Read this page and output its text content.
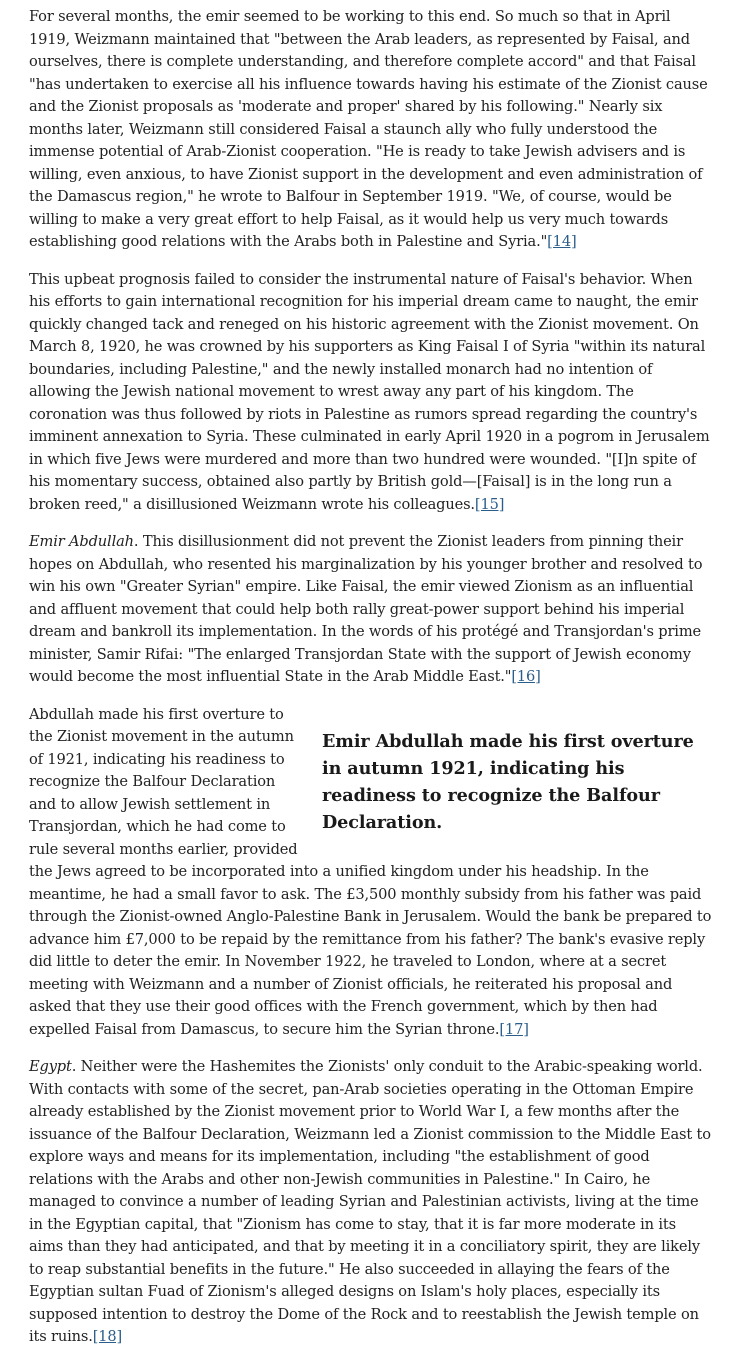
For several months, the emir seemed to be working to this end. So much so that in April 1919, Weizmann maintained that "between the Arab leaders, as represented by Faisal, and ourselves, there is complete understanding, and therefore complete accord" and that Faisal "has undertaken to exercise all his influence towards having his estimate of the Zionist cause and the Zionist proposals as 'moderate and proper' shared by his following." Nearly six months later, Weizmann still considered Faisal a staunch ally who fully understood the immense potential of Arab-Zionist cooperation. "He is ready to take Jewish advisers and is willing, even anxious, to have Zionist support in the development and even administration of the Damascus region," he wrote to Balfour in September 1919. "We, of course, would be willing to make a very great effort to help Faisal, as it would help us very much towards establishing good relations with the Arabs both in Palestine and Syria."[14]

This upbeat prognosis failed to consider the instrumental nature of Faisal's behavior. When his efforts to gain international recognition for his imperial dream came to naught, the emir quickly changed tack and reneged on his historic agreement with the Zionist movement. On March 8, 1920, he was crowned by his supporters as King Faisal I of Syria "within its natural boundaries, including Palestine," and the newly installed monarch had no intention of allowing the Jewish national movement to wrest away any part of his kingdom. The coronation was thus followed by riots in Palestine as rumors spread regarding the country's imminent annexation to Syria. These culminated in early April 1920 in a pogrom in Jerusalem in which five Jews were murdered and more than two hundred were wounded. "[I]n spite of his momentary success, obtained also partly by British gold—[Faisal] is in the long run a broken reed," a disillusioned Weizmann wrote his colleagues.[15]

Emir Abdullah. This disillusionment did not prevent the Zionist leaders from pinning their hopes on Abdullah, who resented his marginalization by his younger brother and resolved to win his own "Greater Syrian" empire. Like Faisal, the emir viewed Zionism as an influential and affluent movement that could help both rally great-power support behind his imperial dream and bankroll its implementation. In the words of his protégé and Transjordan's prime minister, Samir Rifai: "The enlarged Transjordan State with the support of Jewish economy would become the most influential State in the Arab Middle East."[16]

Emir Abdullah made his first overture in autumn 1921, indicating his readiness to recognize the Balfour Declaration.

Abdullah made his first overture to the Zionist movement in the autumn of 1921, indicating his readiness to recognize the Balfour Declaration and to allow Jewish settlement in Transjordan, which he had come to rule several months earlier, provided the Jews agreed to be incorporated into a unified kingdom under his headship. In the meantime, he had a small favor to ask. The £3,500 monthly subsidy from his father was paid through the Zionist-owned Anglo-Palestine Bank in Jerusalem. Would the bank be prepared to advance him £7,000 to be repaid by the remittance from his father? The bank's evasive reply did little to deter the emir. In November 1922, he traveled to London, where at a secret meeting with Weizmann and a number of Zionist officials, he reiterated his proposal and asked that they use their good offices with the French government, which by then had expelled Faisal from Damascus, to secure him the Syrian throne.[17]

Egypt. Neither were the Hashemites the Zionists' only conduit to the Arabic-speaking world. With contacts with some of the secret, pan-Arab societies operating in the Ottoman Empire already established by the Zionist movement prior to World War I, a few months after the issuance of the Balfour Declaration, Weizmann led a Zionist commission to the Middle East to explore ways and means for its implementation, including "the establishment of good relations with the Arabs and other non-Jewish communities in Palestine." In Cairo, he managed to convince a number of leading Syrian and Palestinian activists, living at the time in the Egyptian capital, that "Zionism has come to stay, that it is far more moderate in its aims than they had anticipated, and that by meeting it in a conciliatory spirit, they are likely to reap substantial benefits in the future." He also succeeded in allaying the fears of the Egyptian sultan Fuad of Zionism's alleged designs on Islam's holy places, especially its supposed intention to destroy the Dome of the Rock and to reestablish the Jewish temple on its ruins.[18]
